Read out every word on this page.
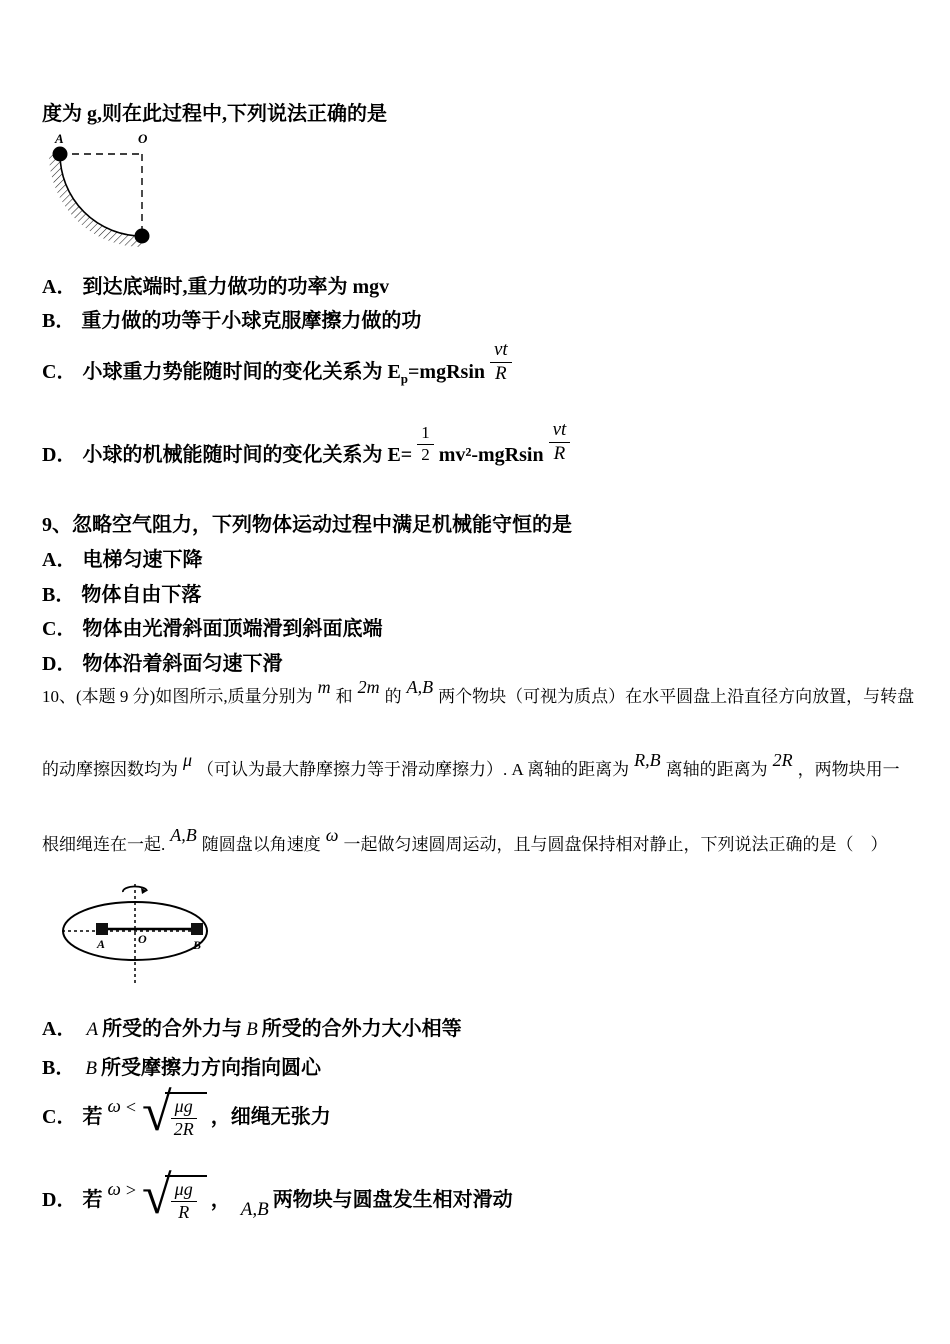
度为 g,则在此过程中,下列说法正确的是
A	O
A． 到达底端时,重力做功的功率为 mgv
B． 重力做的功等于小球克服摩擦力做的功
C． 小球重力势能随时间的变化关系为 $E_p=mgRsin \frac{vt}{R}$
D． 小球的机械能随时间的变化关系为 $E= \frac{1}{2} mv^2-mgRsin \frac{vt}{R}$
9、忽略空气阻力，下列物体运动过程中满足机械能守恒的是
A． 电梯匀速下降
B． 物体自由下落
C． 物体由光滑斜面顶端滑到斜面底端
D． 物体沿着斜面匀速下滑
10、(本题 9 分)如图所示,质量分别为 m 和 2m 的 A,B 两个物块（可视为质点）在水平圆盘上沿直径方向放置，与转盘
的动摩擦因数均为 μ （可认为最大静摩擦力等于滑动摩擦力）. A 离轴的距离为 R,B 离轴的距离为 2R ，两物块用一
根细绳连在一起. A,B 随圆盘以角速度 ω 一起做匀速圆周运动，且与圆盘保持相对静止，下列说法正确的是（　）
A	B
O
A． A 所受的合外力与 B 所受的合外力大小相等
B． B 所受摩擦力方向指向圆心
C． 若 ω < √ μg
2R
，细绳无张力
D． 若 ω > √ μg
R
， A,B 两物块与圆盘发生相对滑动
